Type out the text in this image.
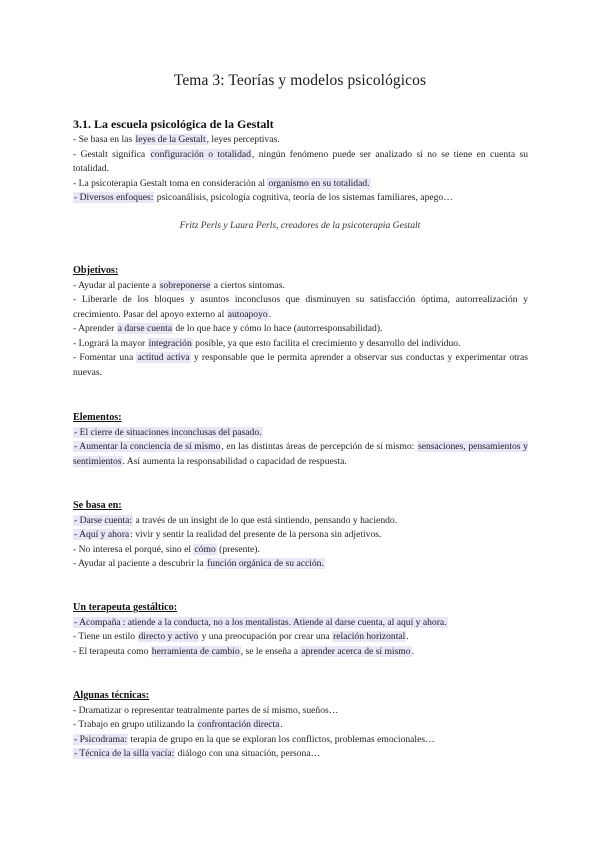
Tema 3: Teorías y modelos psicológicos
3.1. La escuela psicológica de la Gestalt
- Se basa en las leyes de la Gestalt, leyes perceptivas.
- Gestalt significa configuración o totalidad, ningún fenómeno puede ser analizado si no se tiene en cuenta su totalidad.
- La psicoterapia Gestalt toma en consideración al organismo en su totalidad.
- Diversos enfoques: psicoanálisis, psicología cognitiva, teoría de los sistemas familiares, apego…
Fritz Perls y Laura Perls, creadores de la psicoterapia Gestalt
Objetivos:
- Ayudar al paciente a sobreponerse a ciertos síntomas.
- Liberarle de los bloques y asuntos inconclusos que disminuyen su satisfacción óptima, autorrealización y crecimiento. Pasar del apoyo externo al autoapoyo.
- Aprender a darse cuenta de lo que hace y cómo lo hace (autorresponsabilidad).
- Logrará la mayor integración posible, ya que esto facilita el crecimiento y desarrollo del individuo.
- Fomentar una actitud activa y responsable que le permita aprender a observar sus conductas y experimentar otras nuevas.
Elementos:
- El cierre de situaciones inconclusas del pasado.
- Aumentar la conciencia de sí mismo, en las distintas áreas de percepción de sí mismo: sensaciones, pensamientos y sentimientos. Así aumenta la responsabilidad o capacidad de respuesta.
Se basa en:
- Darse cuenta: a través de un insight de lo que está sintiendo, pensando y haciendo.
- Aquí y ahora: vivir y sentir la realidad del presente de la persona sin adjetivos.
- No interesa el porqué, sino el cómo (presente).
- Ayudar al paciente a descubrir la función orgánica de su acción.
Un terapeuta gestáltico:
- Acompaña : atiende a la conducta, no a los mentalistas. Atiende al darse cuenta, al aquí y ahora.
- Tiene un estilo directo y activo y una preocupación por crear una relación horizontal.
- El terapeuta como herramienta de cambio, se le enseña a aprender acerca de sí mismo.
Algunas técnicas:
- Dramatizar o representar teatralmente partes de sí mismo, sueños…
- Trabajo en grupo utilizando la confrontación directa.
- Psicodrama: terapia de grupo en la que se exploran los conflictos, problemas emocionales…
- Técnica de la silla vacía: diálogo con una situación, persona…
